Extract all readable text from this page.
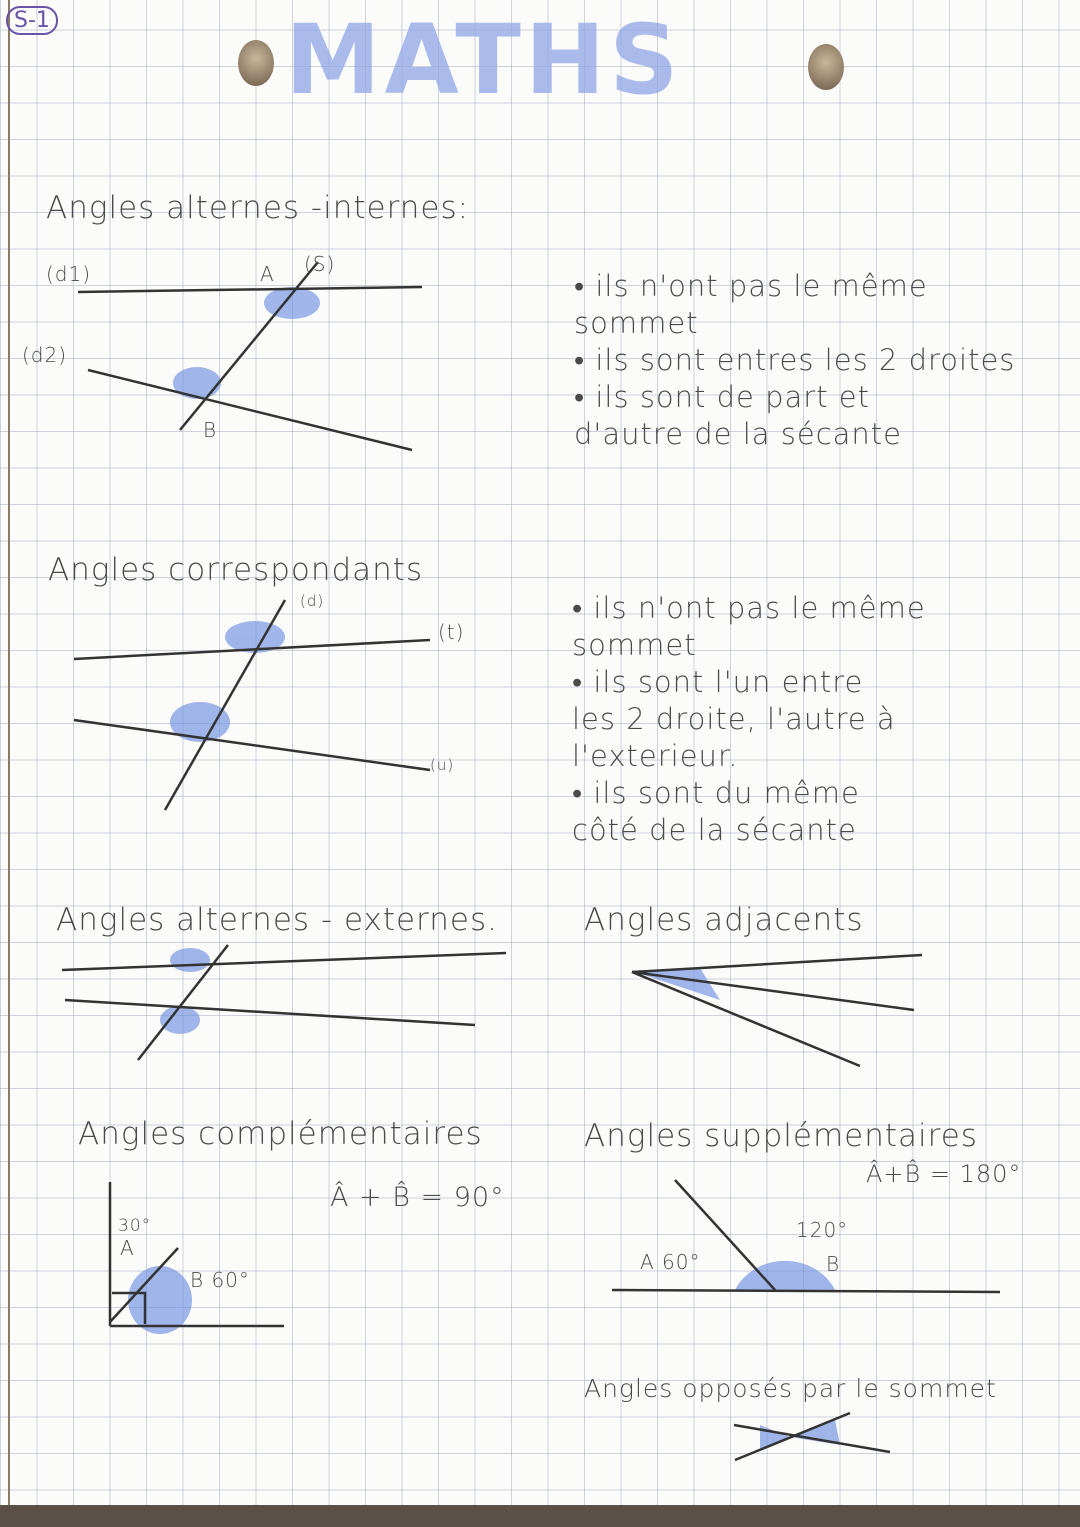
S-1 MATHS
Angles alternes -internes:
(d1)
(d2)
(S)
A
B
• ils n'ont pas le même
sommet
• ils sont entres les 2 droites
• ils sont de part et
d'autre de la sécante
Angles correspondants
(d)
(t)
(u)
• ils n'ont pas le même
sommet
• ils sont l'un entre
les 2 droite, l'autre à
l'exterieur.
• ils sont du même
côté de la sécante
Angles alternes - externes.	Angles adjacents
Angles complémentaires
Â + B̂ = 90°
30°
A
B 60°
Angles supplémentaires
Â+B̂ = 180°
A 60°
120°
B
Angles opposés par le sommet
